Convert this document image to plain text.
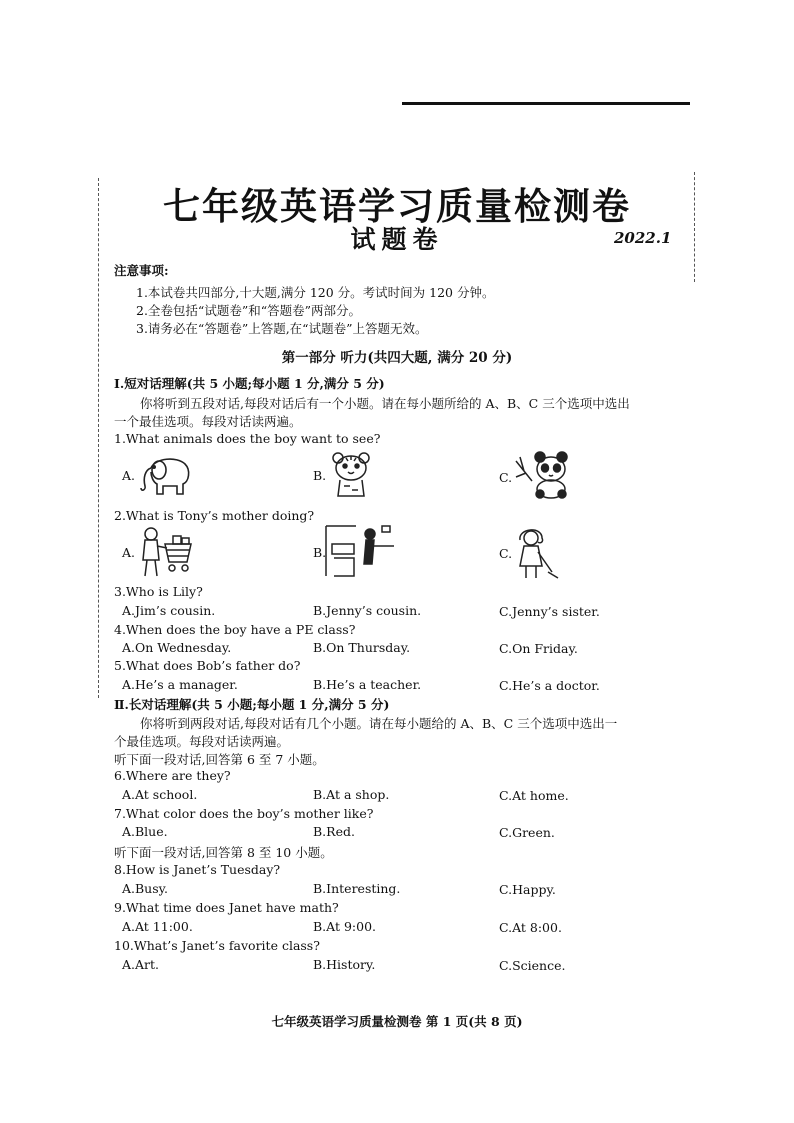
七年级英语学习质量检测卷
试题卷	2022.1
注意事项:
1.本试卷共四部分,十大题,满分 120 分。考试时间为 120 分钟。
2.全卷包括“试题卷”和“答题卷”两部分。
3.请务必在“答题卷”上答题,在“试题卷”上答题无效。
第一部分 听力(共四大题, 满分 20 分)
Ⅰ.短对话理解(共 5 小题;每小题 1 分,满分 5 分)
你将听到五段对话,每段对话后有一个小题。请在每小题所给的 A、B、C 三个选项中选出
一个最佳选项。每段对话读两遍。
1.What animals does the boy want to see?
A.	B.	C.
2.What is Tony’s mother doing?
A.	B.	C.
3.Who is Lily?
A.Jim’s cousin.	B.Jenny’s cousin.	C.Jenny’s sister.
4.When does the boy have a PE class?
A.On Wednesday.	B.On Thursday.	C.On Friday.
5.What does Bob’s father do?
A.He’s a manager.	B.He’s a teacher.	C.He’s a doctor.
Ⅱ.长对话理解(共 5 小题;每小题 1 分,满分 5 分)
你将听到两段对话,每段对话有几个小题。请在每小题给的 A、B、C 三个选项中选出一
个最佳选项。每段对话读两遍。
听下面一段对话,回答第 6 至 7 小题。
6.Where are they?
A.At school.	B.At a shop.	C.At home.
7.What color does the boy’s mother like?
A.Blue.	B.Red.	C.Green.
听下面一段对话,回答第 8 至 10 小题。
8.How is Janet’s Tuesday?
A.Busy.	B.Interesting.	C.Happy.
9.What time does Janet have math?
A.At 11:00.	B.At 9:00.	C.At 8:00.
10.What’s Janet’s favorite class?
A.Art.	B.History.	C.Science.
七年级英语学习质量检测卷 第 1 页(共 8 页)
